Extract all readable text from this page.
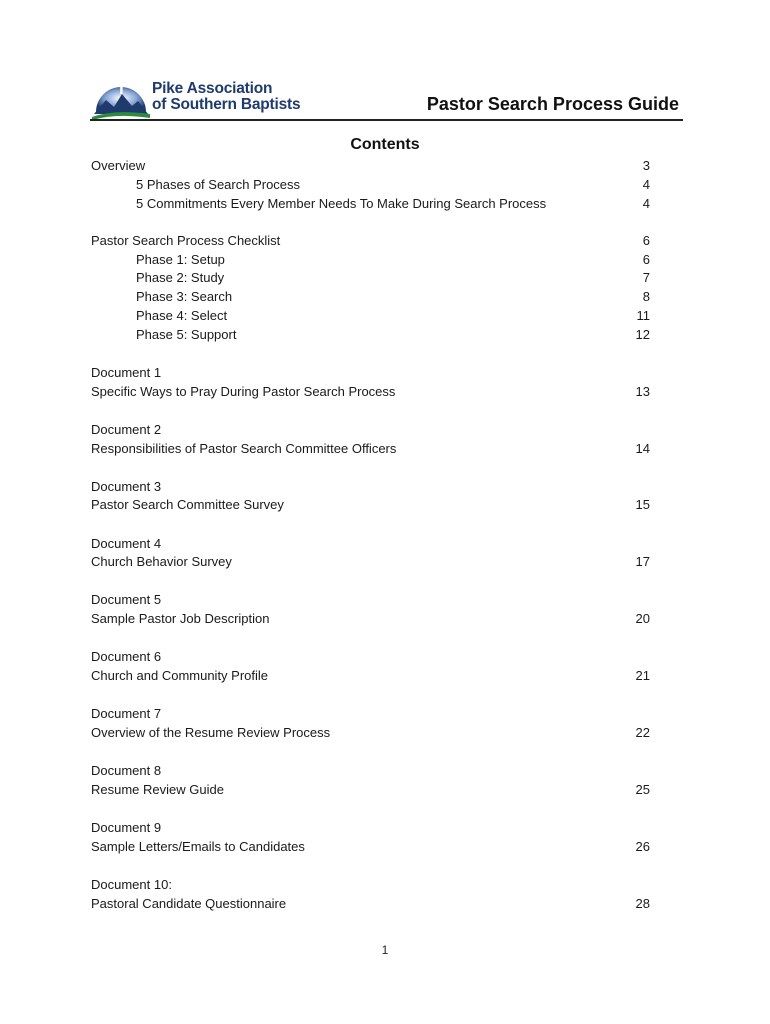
Pike Association
of Southern Baptists	Pastor Search Process Guide
Contents
Overview	3
5 Phases of Search Process	4
5 Commitments Every Member Needs To Make During Search Process	4
Pastor Search Process Checklist	6
Phase 1: Setup	6
Phase 2: Study	7
Phase 3: Search	8
Phase 4: Select	11
Phase 5: Support	12
Document 1
Specific Ways to Pray During Pastor Search Process	13
Document 2
Responsibilities of Pastor Search Committee Officers	14
Document 3
Pastor Search Committee Survey	15
Document 4
Church Behavior Survey	17
Document 5
Sample Pastor Job Description	20
Document 6
Church and Community Profile	21
Document 7
Overview of the Resume Review Process	22
Document 8
Resume Review Guide	25
Document 9
Sample Letters/Emails to Candidates	26
Document 10:
Pastoral Candidate Questionnaire	28
1
